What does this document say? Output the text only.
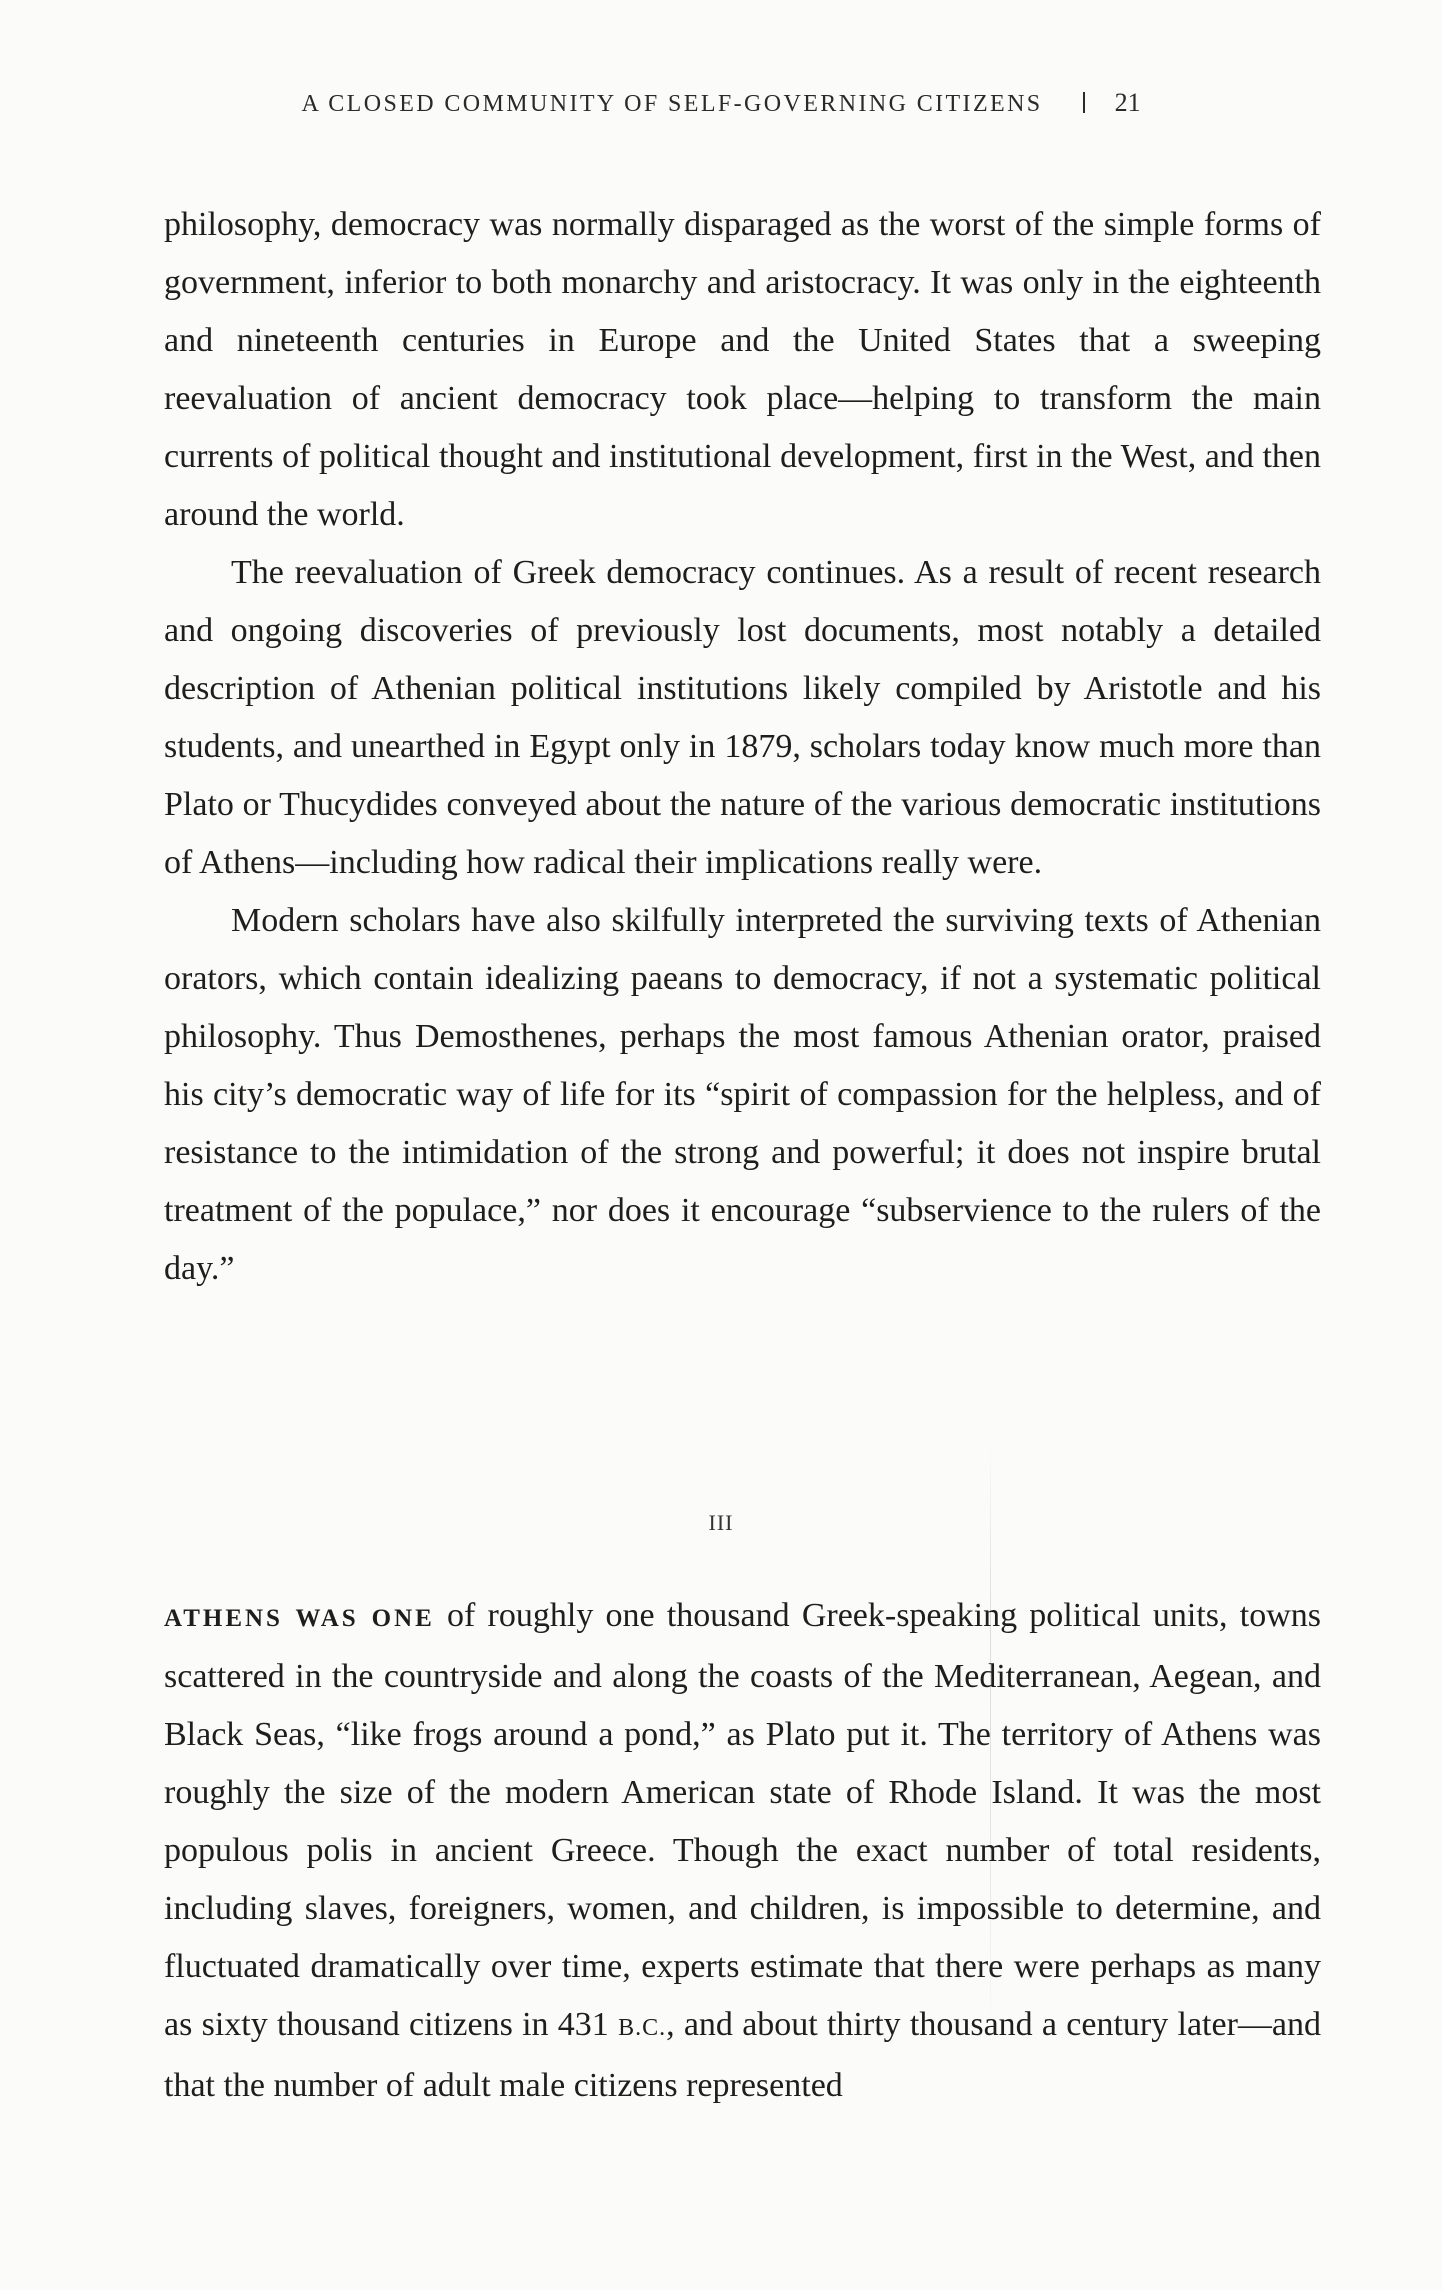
A CLOSED COMMUNITY OF SELF-GOVERNING CITIZENS	21

philosophy, democracy was normally disparaged as the worst of the simple forms of government, inferior to both monarchy and aristocracy. It was only in the eighteenth and nineteenth centuries in Europe and the United States that a sweeping reevaluation of ancient democracy took place—helping to transform the main currents of political thought and institutional development, first in the West, and then around the world.

The reevaluation of Greek democracy continues. As a result of recent research and ongoing discoveries of previously lost documents, most notably a detailed description of Athenian political institutions likely compiled by Aristotle and his students, and unearthed in Egypt only in 1879, scholars today know much more than Plato or Thucydides conveyed about the nature of the various democratic institutions of Athens—including how radical their implications really were.

Modern scholars have also skilfully interpreted the surviving texts of Athenian orators, which contain idealizing paeans to democracy, if not a systematic political philosophy. Thus Demosthenes, perhaps the most famous Athenian orator, praised his city’s democratic way of life for its “spirit of compassion for the helpless, and of resistance to the intimidation of the strong and powerful; it does not inspire brutal treatment of the populace,” nor does it encourage “subservience to the rulers of the day.”

III

ATHENS WAS ONE of roughly one thousand Greek-speaking political units, towns scattered in the countryside and along the coasts of the Mediterranean, Aegean, and Black Seas, “like frogs around a pond,” as Plato put it. The territory of Athens was roughly the size of the modern American state of Rhode Island. It was the most populous polis in ancient Greece. Though the exact number of total residents, including slaves, foreigners, women, and children, is impossible to determine, and fluctuated dramatically over time, experts estimate that there were perhaps as many as sixty thousand citizens in 431 B.C., and about thirty thousand a century later—and that the number of adult male citizens represented
